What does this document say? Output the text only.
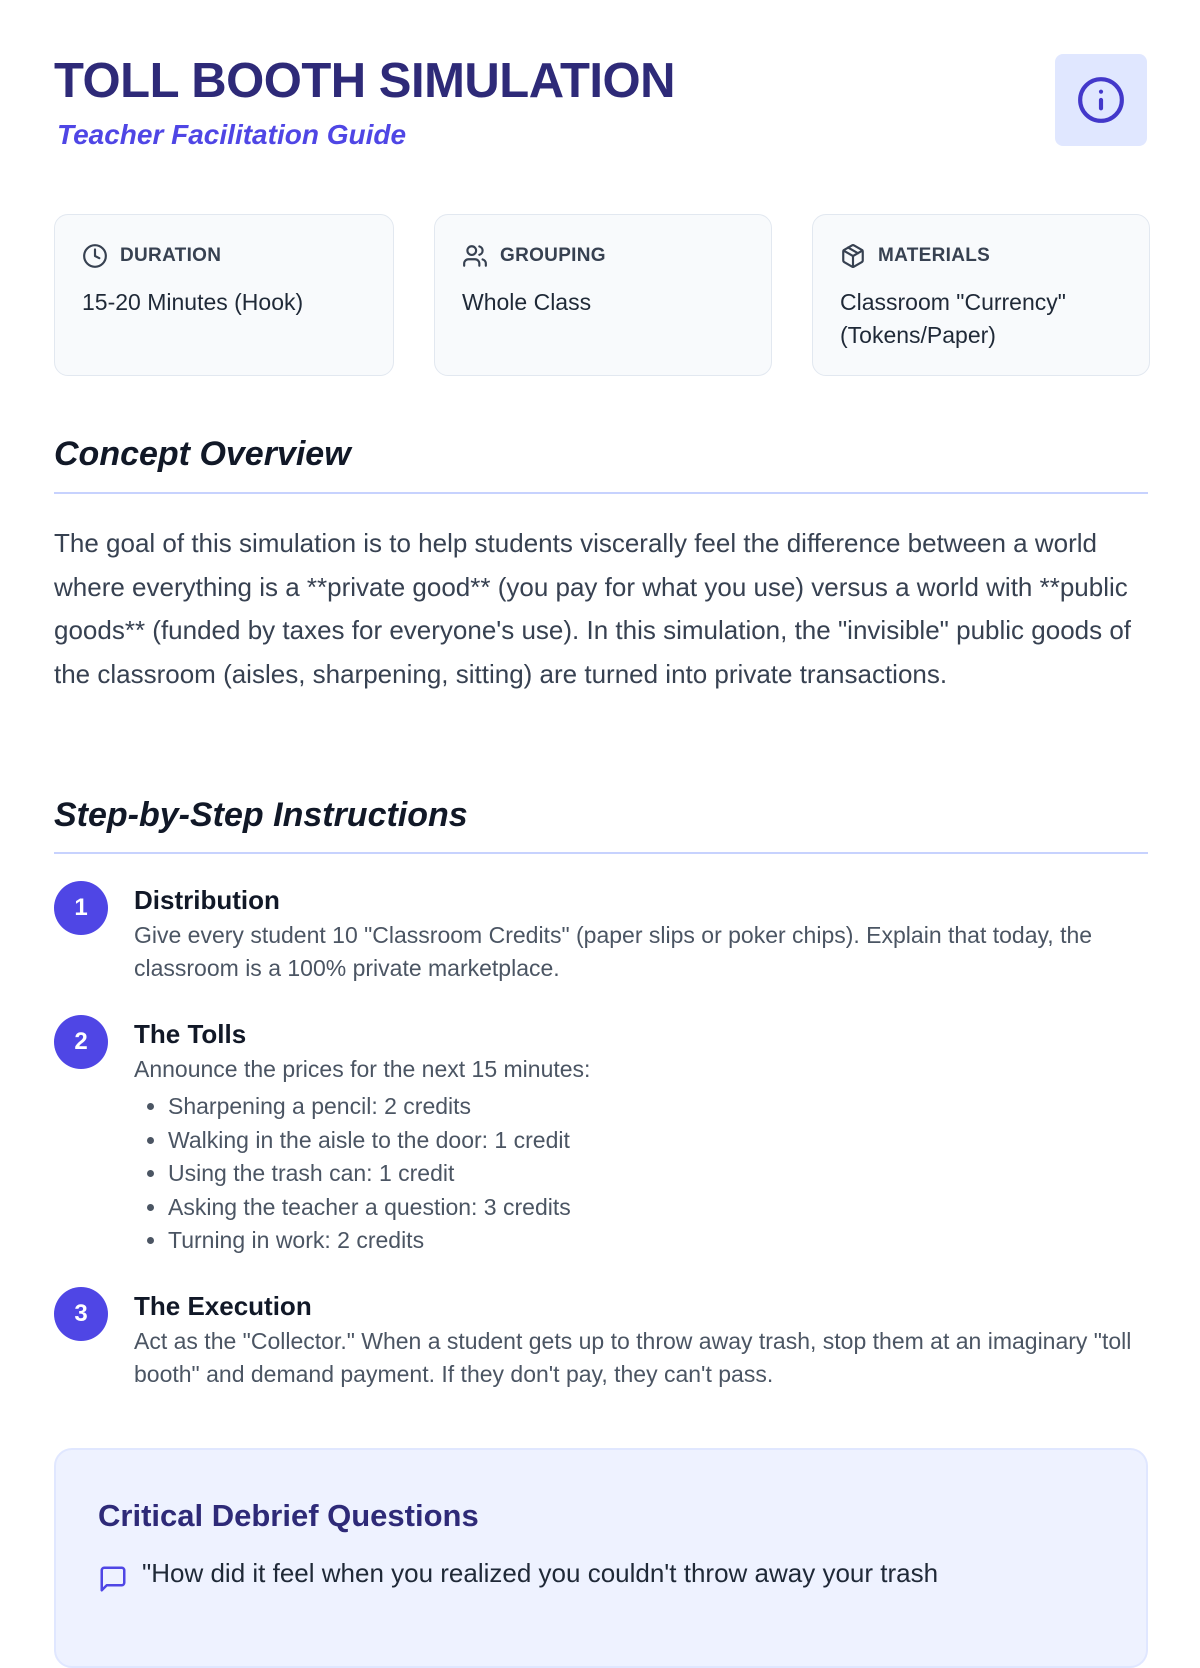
TOLL BOOTH SIMULATION
Teacher Facilitation Guide
DURATION
15-20 Minutes (Hook)
GROUPING
Whole Class
MATERIALS
Classroom "Currency" (Tokens/Paper)
Concept Overview

The goal of this simulation is to help students viscerally feel the difference between a world where everything is a **private good** (you pay for what you use) versus a world with **public goods** (funded by taxes for everyone's use). In this simulation, the "invisible" public goods of the classroom (aisles, sharpening, sitting) are turned into private transactions.

Step-by-Step Instructions
1	Distribution
Give every student 10 "Classroom Credits" (paper slips or poker chips). Explain that today, the classroom is a 100% private marketplace.
2	The Tolls
Announce the prices for the next 15 minutes:
• Sharpening a pencil: 2 credits
• Walking in the aisle to the door: 1 credit
• Using the trash can: 1 credit
• Asking the teacher a question: 3 credits
• Turning in work: 2 credits
3	The Execution
Act as the "Collector." When a student gets up to throw away trash, stop them at an imaginary "toll booth" and demand payment. If they don't pay, they can't pass.
Critical Debrief Questions
"How did it feel when you realized you couldn't throw away your trash
